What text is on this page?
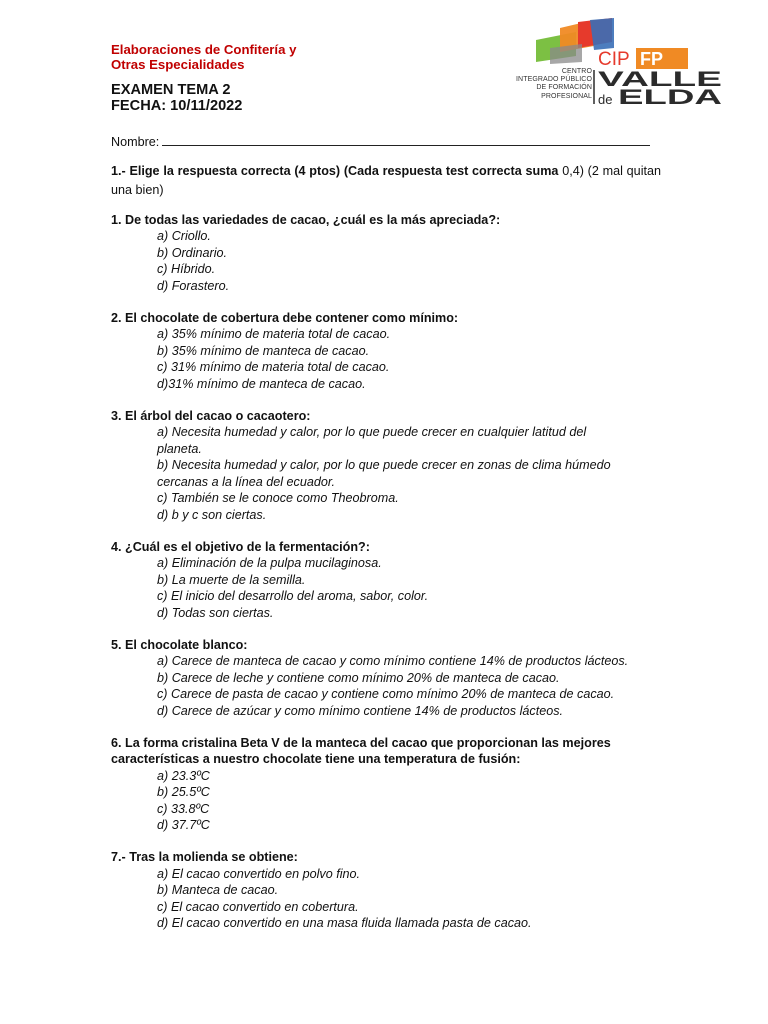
Elaboraciones de Confitería y
Otras Especialidades
EXAMEN TEMA 2
FECHA: 10/11/2022
CIP FP
VALLE
de ELDA
CENTRO
INTEGRADO PÚBLICO
DE FORMACIÓN
PROFESIONAL
Nombre:
1.- Elige la respuesta correcta (4 ptos) (Cada respuesta test correcta suma 0,4) (2 mal quitan una bien)
1. De todas las variedades de cacao, ¿cuál es la más apreciada?:
a) Criollo.
b) Ordinario.
c) Híbrido.
d) Forastero.
2. El chocolate de cobertura debe contener como mínimo:
a) 35% mínimo de materia total de cacao.
b) 35% mínimo de manteca de cacao.
c) 31% mínimo de materia total de cacao.
d)31% mínimo de manteca de cacao.
3. El árbol del cacao o cacaotero:
a) Necesita humedad y calor, por lo que puede crecer en cualquier latitud del planeta.
b) Necesita humedad y calor, por lo que puede crecer en zonas de clima húmedo cercanas a la línea del ecuador.
c) También se le conoce como Theobroma.
d) b y c son ciertas.
4. ¿Cuál es el objetivo de la fermentación?:
a) Eliminación de la pulpa mucilaginosa.
b) La muerte de la semilla.
c) El inicio del desarrollo del aroma, sabor, color.
d) Todas son ciertas.
5. El chocolate blanco:
a) Carece de manteca de cacao y como mínimo contiene 14% de productos lácteos.
b) Carece de leche y contiene como mínimo 20% de manteca de cacao.
c) Carece de pasta de cacao y contiene como mínimo 20% de manteca de cacao.
d) Carece de azúcar y como mínimo contiene 14% de productos lácteos.
6. La forma cristalina Beta V de la manteca del cacao que proporcionan las mejores características a nuestro chocolate tiene una temperatura de fusión:
a) 23.3ºC
b) 25.5ºC
c) 33.8ºC
d) 37.7ºC
7.- Tras la molienda se obtiene:
a) El cacao convertido en polvo fino.
b) Manteca de cacao.
c) El cacao convertido en cobertura.
d) El cacao convertido en una masa fluida llamada pasta de cacao.
